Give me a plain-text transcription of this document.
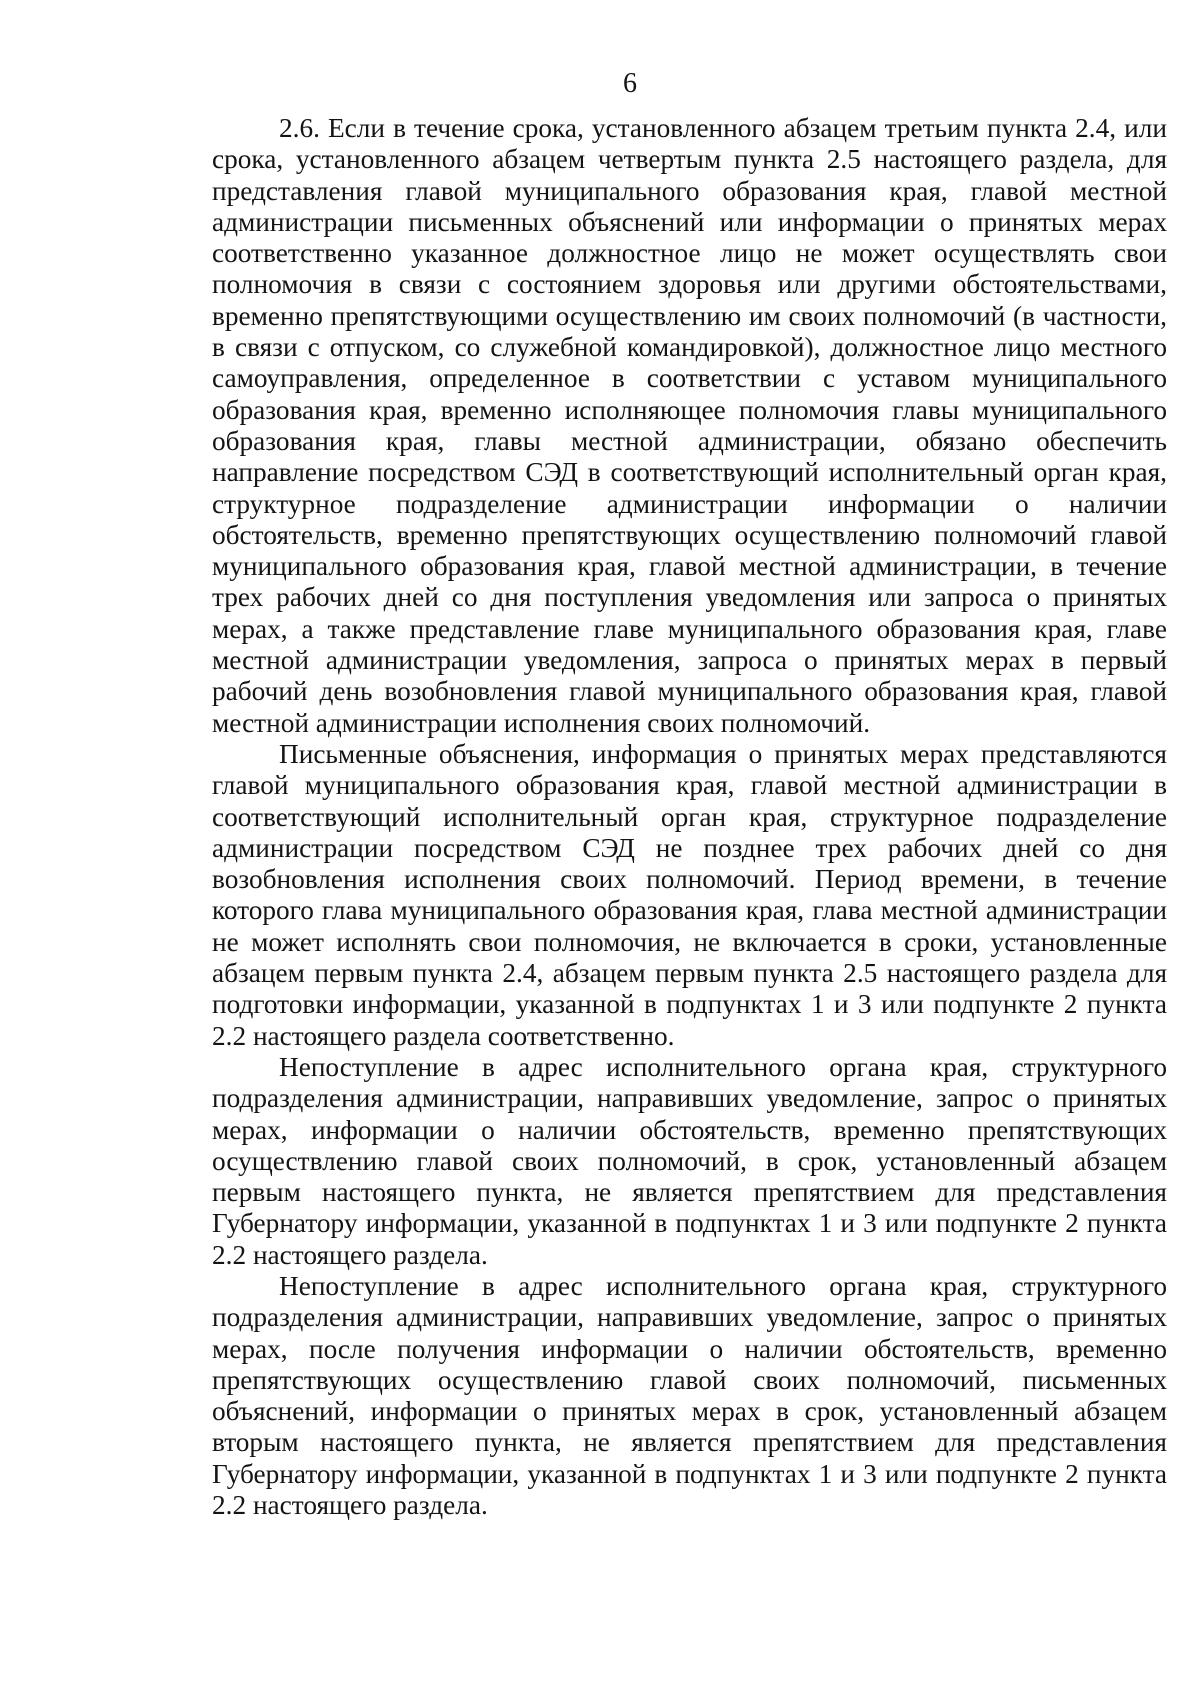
6

2.6. Если в течение срока, установленного абзацем третьим пункта 2.4, или срока, установленного абзацем четвертым пункта 2.5 настоящего раздела, для представления главой муниципального образования края, главой местной администрации письменных объяснений или информации о принятых мерах соответственно указанное должностное лицо не может осуществлять свои полномочия в связи с состоянием здоровья или другими обстоятельствами, временно препятствующими осуществлению им своих полномочий (в частности, в связи с отпуском, со служебной командировкой), должностное лицо местного самоуправления, определенное в соответствии с уставом муниципального образования края, временно исполняющее полномочия главы муниципального образования края, главы местной администрации, обязано обеспечить направление посредством СЭД в соответствующий исполнительный орган края, структурное подразделение администрации информации о наличии обстоятельств, временно препятствующих осуществлению полномочий главой муниципального образования края, главой местной администрации, в течение трех рабочих дней со дня поступления уведомления или запроса о принятых мерах, а также представление главе муниципального образования края, главе местной администрации уведомления, запроса о принятых мерах в первый рабочий день возобновления главой муниципального образования края, главой местной администрации исполнения своих полномочий.

Письменные объяснения, информация о принятых мерах представляются главой муниципального образования края, главой местной администрации в соответствующий исполнительный орган края, структурное подразделение администрации посредством СЭД не позднее трех рабочих дней со дня возобновления исполнения своих полномочий. Период времени, в течение которого глава муниципального образования края, глава местной администрации не может исполнять свои полномочия, не включается в сроки, установленные абзацем первым пункта 2.4, абзацем первым пункта 2.5 настоящего раздела для подготовки информации, указанной в подпунктах 1 и 3 или подпункте 2 пункта 2.2 настоящего раздела соответственно.

Непоступление в адрес исполнительного органа края, структурного подразделения администрации, направивших уведомление, запрос о принятых мерах, информации о наличии обстоятельств, временно препятствующих осуществлению главой своих полномочий, в срок, установленный абзацем первым настоящего пункта, не является препятствием для представления Губернатору информации, указанной в подпунктах 1 и 3 или подпункте 2 пункта 2.2 настоящего раздела.

Непоступление в адрес исполнительного органа края, структурного подразделения администрации, направивших уведомление, запрос о принятых мерах, после получения информации о наличии обстоятельств, временно препятствующих осуществлению главой своих полномочий, письменных объяснений, информации о принятых мерах в срок, установленный абзацем вторым настоящего пункта, не является препятствием для представления Губернатору информации, указанной в подпунктах 1 и 3 или подпункте 2 пункта 2.2 настоящего раздела.
